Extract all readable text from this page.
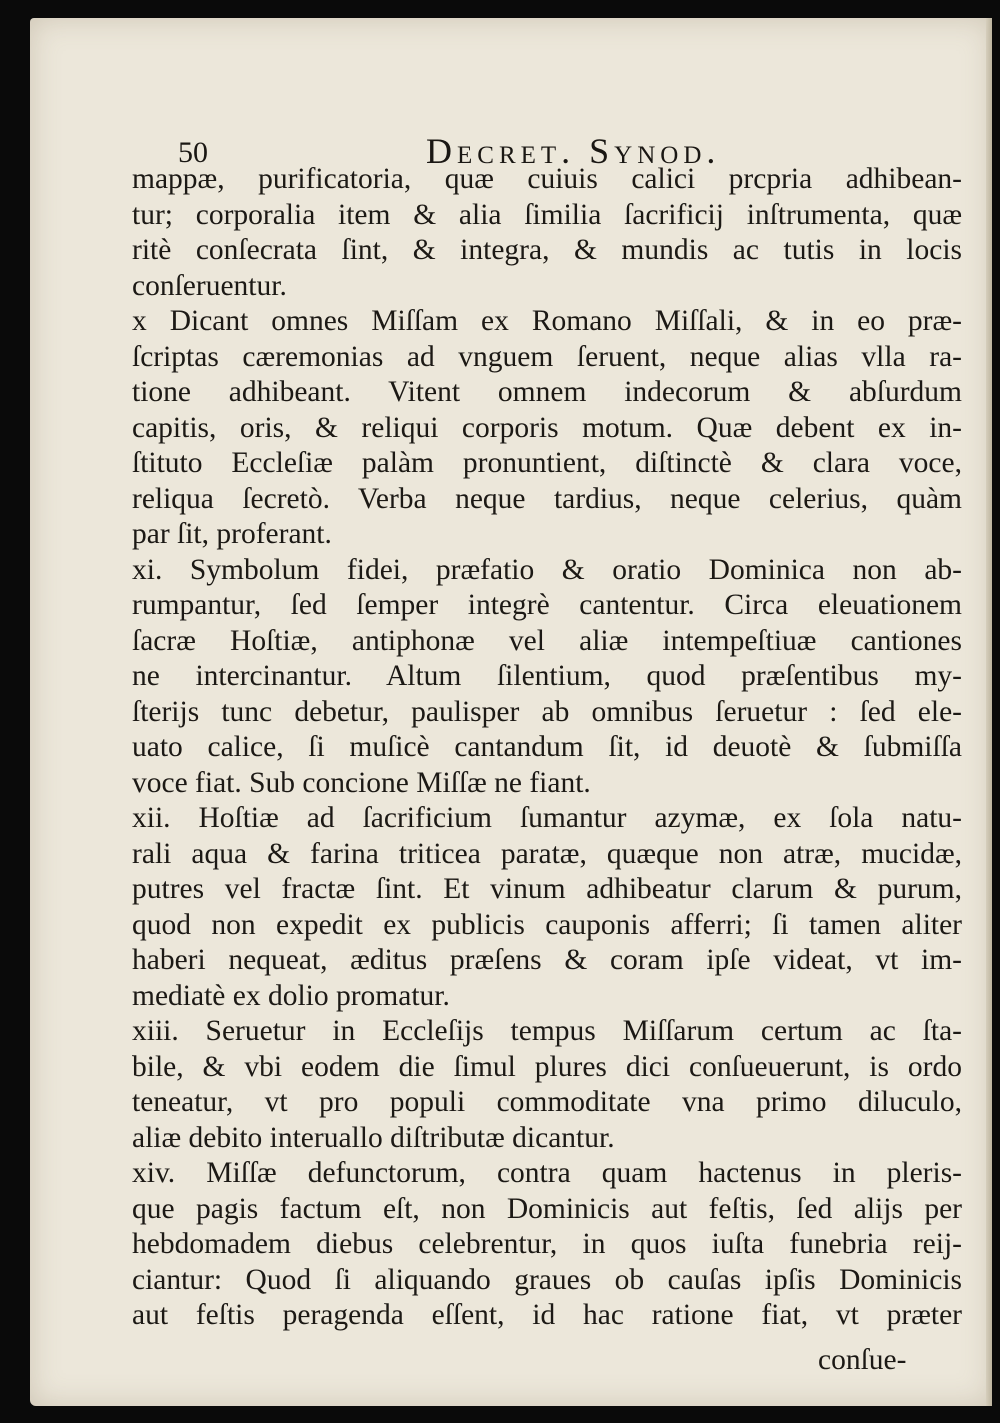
50	Decret. Synod.
mappæ, purificatoria, quæ cuiuis calici prcpria adhibean-
tur; corporalia item & alia ſimilia ſacrificij inſtrumenta, quæ
ritè conſecrata ſint, & integra, & mundis ac tutis in locis
conſeruentur.
x Dicant omnes Miſſam ex Romano Miſſali, & in eo præ-
ſcriptas cæremonias ad vnguem ſeruent, neque alias vlla ra-
tione adhibeant. Vitent omnem indecorum & abſurdum
capitis, oris, & reliqui corporis motum. Quæ debent ex in-
ſtituto Eccleſiæ palàm pronuntient, diſtinctè & clara voce,
reliqua ſecretò. Verba neque tardius, neque celerius, quàm
par ſit, proferant.
xi. Symbolum fidei, præfatio & oratio Dominica non ab-
rumpantur, ſed ſemper integrè cantentur. Circa eleuationem
ſacræ Hoſtiæ, antiphonæ vel aliæ intempeſtiuæ cantiones
ne intercinantur. Altum ſilentium, quod præſentibus my-
ſterijs tunc debetur, paulisper ab omnibus ſeruetur : ſed ele-
uato calice, ſi muſicè cantandum ſit, id deuotè & ſubmiſſa
voce fiat. Sub concione Miſſæ ne fiant.
xii. Hoſtiæ ad ſacrificium ſumantur azymæ, ex ſola natu-
rali aqua & farina triticea paratæ, quæque non atræ, mucidæ,
putres vel fractæ ſint. Et vinum adhibeatur clarum & purum,
quod non expedit ex publicis cauponis afferri; ſi tamen aliter
haberi nequeat, æditus præſens & coram ipſe videat, vt im-
mediatè ex dolio promatur.
xiii. Seruetur in Eccleſijs tempus Miſſarum certum ac ſta-
bile, & vbi eodem die ſimul plures dici conſueuerunt, is ordo
teneatur, vt pro populi commoditate vna primo diluculo,
aliæ debito interuallo diſtributæ dicantur.
xiv. Miſſæ defunctorum, contra quam hactenus in pleris-
que pagis factum eſt, non Dominicis aut feſtis, ſed alijs per
hebdomadem diebus celebrentur, in quos iuſta funebria reij-
ciantur: Quod ſi aliquando graues ob cauſas ipſis Dominicis
aut feſtis peragenda eſſent, id hac ratione fiat, vt præter
conſue-
